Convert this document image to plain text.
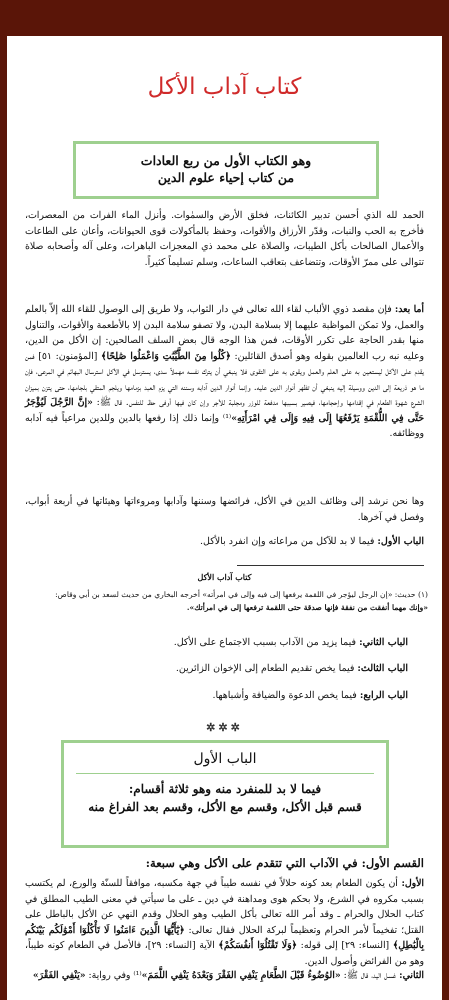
كتاب آداب الأكل
وهو الكتاب الأول من ربع العادات
من كتاب إحياء علوم الدين
الحمد لله الذي أحسن تدبير الكائنات، فخلق الأرض والسمٰوات. وأنزل الماء الفرات من المعصرات، فأخرج به الحب والنبات، وقدّر الأرزاق والأقوات، وحفظ بالمأكولات قوى الحيوانات، وأعان على الطاعات والأعمال الصالحات بأكل الطيبات، والصلاة على محمد ذي المعجزات الباهرات، وعلى آله وأصحابه صلاة تتوالى على ممرّ الأوقات، وتتضاعف بتعاقب الساعات، وسلم تسليماً كثيراً.
أما بعد: فإن مقصد ذوي الألباب لقاء الله تعالى في دار الثواب، ولا طريق إلى الوصول للقاء الله إلاّ بالعلم والعمل، ولا تمكن المواظبة عليهما إلا بسلامة البدن، ولا تصفو سلامة البدن إلا بالأطعمة والأقوات، والتناول منها بقدر الحاجة على تكرر الأوقات، فمن هذا الوجه قال بعض السلف الصالحين: إن الأكل من الدين، وعليه نبه رب العالمين بقوله وهو أصدق القائلين: ﴿كُلُوا مِنَ الطَّيِّبَٰتِ وَاعْمَلُوا صَٰلِحًا﴾ [المؤمنون: ٥١] فمن يقدم على الأكل ليستعين به على العلم والعمل ويقوى به على التقوى فلا ينبغي أن يترك نفسه مهملاً سدى، يسترسل في الأكل استرسال البهائم في المرعى، فإن ما هو ذريعة إلى الدين ووسيلة إليه ينبغي أن تظهر أنوار الدين عليه. وإنما أنوار الدين آدابه وسننه التي يزم العبد بزمامها ويلجم المتقي بلجامها، حتى يتزن بميزان الشرع شهوة الطعام في إقدامها وإحجامها، فيصير بسببها مدفعة للوزر ومجلبة للأجر وإن كان فيها أوفى حظ للنفس. قال ﷺ: «إنَّ الرَّجُلَ لَيُؤْجَرُ حَتَّى فِي اللُّقْمَةِ يَرْفَعُهَا إِلَى فِيهِ وَإِلَى فِي امْرَأَتِهِ»⁽¹⁾ وإنما ذلك إذا رفعها بالدين وللدين مراعياً فيه آدابه ووظائفه.
وها نحن نرشد إلى وظائف الدين في الأكل، فرائضها وسننها وآدابها ومروءاتها وهيئاتها في أربعة أبواب، وفصل في آخرها.
الباب الأول: فيما لا بد للآكل من مراعاته وإن انفرد بالأكل.
كتاب آداب الأكل
(١) حديث: «إن الرجل ليؤجر في اللقمة يرفعها إلى فيه وإلى في امرأته» أخرجه البخاري من حديث لسعد بن أبي وقاص:
«وإنك مهما أنفقت من نفقة فإنها صدقة حتى اللقمة ترفعها إلى في امرأتك».
الباب الثاني: فيما يزيد من الآداب بسبب الاجتماع على الأكل.
الباب الثالث: فيما يخص تقديم الطعام إلى الإخوان الزائرين.
الباب الرابع: فيما يخص الدعوة والضيافة وأشباهها.
✲✲✲
الباب الأول
فيما لا بد للمنفرد منه وهو ثلاثة أقسام:
قسم قبل الأكل، وقسم مع الأكل، وقسم بعد الفراغ منه
القسم الأول: في الآداب التي تتقدم على الأكل وهي سبعة:
الأول: أن يكون الطعام بعد كونه حلالاً في نفسه طيباً في جهة مكسبه، موافقاً للسنّة والورع، لم يكتسب بسبب مكروه في الشرع، ولا بحكم هوى ومداهنة في دين ـ على ما سيأتي في معنى الطيب المطلق في كتاب الحلال والحرام ـ وقد أمر الله تعالى بأكل الطيب وهو الحلال وقدم النهي عن الأكل بالباطل على القتل؛ تفخيماً لأمر الحرام وتعظيماً لبركة الحلال فقال تعالى: ﴿يَٰٓأَيُّهَا الَّذِينَ ءَامَنُوا لَا تَأْكُلُوٓا أَمْوَٰلَكُم بَيْنَكُم بِالْبَٰطِلِ﴾ [النساء: ٢٩] إلى قوله: ﴿وَلَا تَقْتُلُوٓا أَنفُسَكُمْ﴾ الآية [النساء: ٢٩]، فالأصل في الطعام كونه طيباً، وهو من الفرائض وأصول الدين.
الثاني: غسل اليد، قال ﷺ: «الوُضُوءُ قَبْلَ الطَّعَامِ يَنْفِي الفَقْرَ وَبَعْدَهُ يَنْفِي اللَّمَمَ»⁽¹⁾ وفي رواية: «يَنْفِي الفَقْرَ»
